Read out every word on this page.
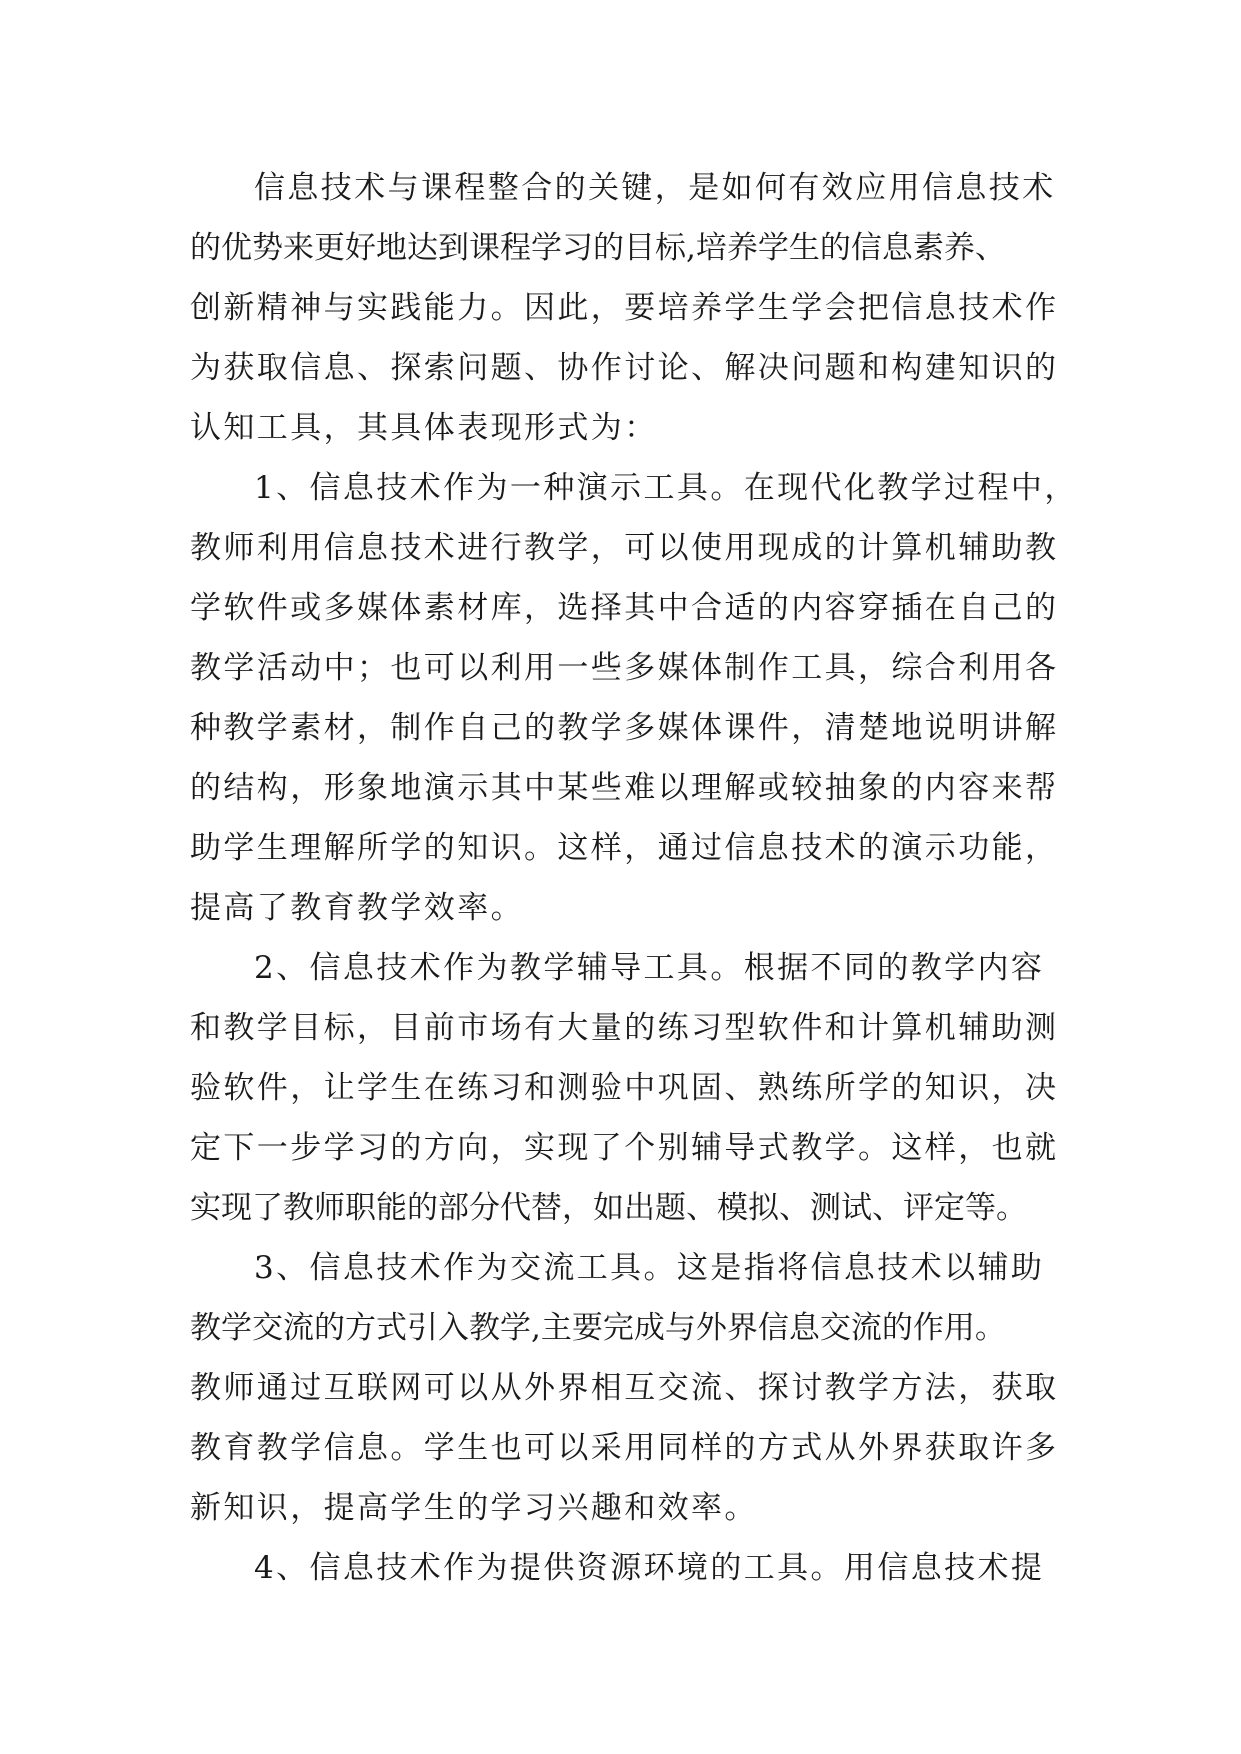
信息技术与课程整合的关键，是如何有效应用信息技术
的优势来更好地达到课程学习的目标,培养学生的信息素养、
创新精神与实践能力。因此，要培养学生学会把信息技术作
为获取信息、探索问题、协作讨论、解决问题和构建知识的
认知工具，其具体表现形式为：
1、信息技术作为一种演示工具。在现代化教学过程中，
教师利用信息技术进行教学，可以使用现成的计算机辅助教
学软件或多媒体素材库，选择其中合适的内容穿插在自己的
教学活动中；也可以利用一些多媒体制作工具，综合利用各
种教学素材，制作自己的教学多媒体课件，清楚地说明讲解
的结构，形象地演示其中某些难以理解或较抽象的内容来帮
助学生理解所学的知识。这样，通过信息技术的演示功能，
提高了教育教学效率。
2、信息技术作为教学辅导工具。根据不同的教学内容
和教学目标，目前市场有大量的练习型软件和计算机辅助测
验软件，让学生在练习和测验中巩固、熟练所学的知识，决
定下一步学习的方向，实现了个别辅导式教学。这样，也就
实现了教师职能的部分代替，如出题、模拟、测试、评定等。
3、信息技术作为交流工具。这是指将信息技术以辅助
教学交流的方式引入教学,主要完成与外界信息交流的作用。
教师通过互联网可以从外界相互交流、探讨教学方法，获取
教育教学信息。学生也可以采用同样的方式从外界获取许多
新知识，提高学生的学习兴趣和效率。
4、信息技术作为提供资源环境的工具。用信息技术提
